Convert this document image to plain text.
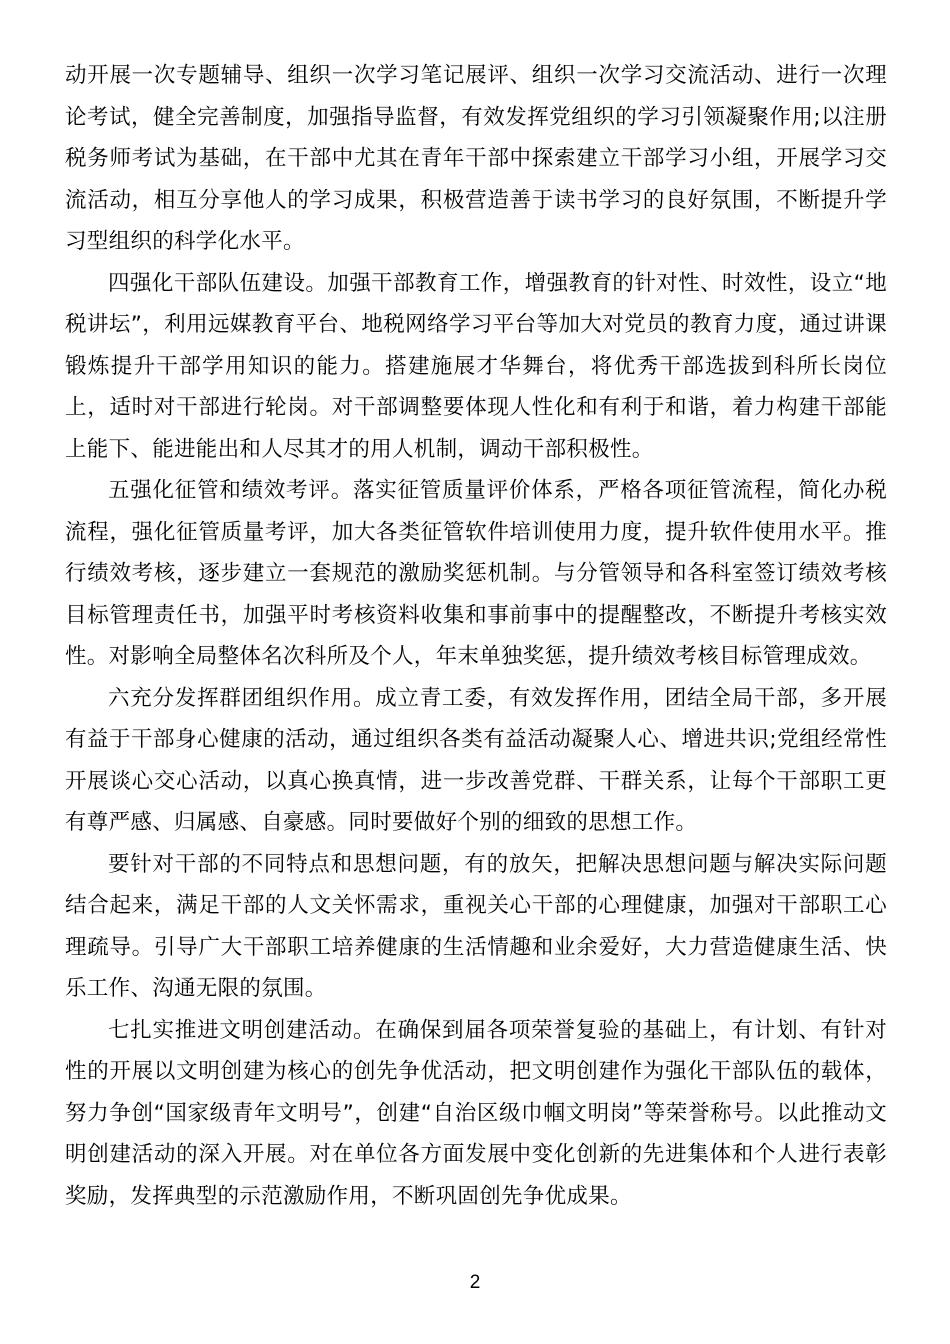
动开展一次专题辅导、组织一次学习笔记展评、组织一次学习交流活动、进行一次理论考试，健全完善制度，加强指导监督，有效发挥党组织的学习引领凝聚作用;以注册税务师考试为基础，在干部中尤其在青年干部中探索建立干部学习小组，开展学习交流活动，相互分享他人的学习成果，积极营造善于读书学习的良好氛围，不断提升学习型组织的科学化水平。

四强化干部队伍建设。加强干部教育工作，增强教育的针对性、时效性，设立“地税讲坛”，利用远媒教育平台、地税网络学习平台等加大对党员的教育力度，通过讲课锻炼提升干部学用知识的能力。搭建施展才华舞台，将优秀干部选拔到科所长岗位上，适时对干部进行轮岗。对干部调整要体现人性化和有利于和谐，着力构建干部能上能下、能进能出和人尽其才的用人机制，调动干部积极性。

五强化征管和绩效考评。落实征管质量评价体系，严格各项征管流程，简化办税流程，强化征管质量考评，加大各类征管软件培训使用力度，提升软件使用水平。推行绩效考核，逐步建立一套规范的激励奖惩机制。与分管领导和各科室签订绩效考核目标管理责任书，加强平时考核资料收集和事前事中的提醒整改，不断提升考核实效性。对影响全局整体名次科所及个人，年末单独奖惩，提升绩效考核目标管理成效。

六充分发挥群团组织作用。成立青工委，有效发挥作用，团结全局干部，多开展有益于干部身心健康的活动，通过组织各类有益活动凝聚人心、增进共识;党组经常性开展谈心交心活动，以真心换真情，进一步改善党群、干群关系，让每个干部职工更有尊严感、归属感、自豪感。同时要做好个别的细致的思想工作。

要针对干部的不同特点和思想问题，有的放矢，把解决思想问题与解决实际问题结合起来，满足干部的人文关怀需求，重视关心干部的心理健康，加强对干部职工心理疏导。引导广大干部职工培养健康的生活情趣和业余爱好，大力营造健康生活、快乐工作、沟通无限的氛围。

七扎实推进文明创建活动。在确保到届各项荣誉复验的基础上，有计划、有针对性的开展以文明创建为核心的创先争优活动，把文明创建作为强化干部队伍的载体，努力争创“国家级青年文明号”，创建“自治区级巾帼文明岗”等荣誉称号。以此推动文明创建活动的深入开展。对在单位各方面发展中变化创新的先进集体和个人进行表彰奖励，发挥典型的示范激励作用，不断巩固创先争优成果。

2
